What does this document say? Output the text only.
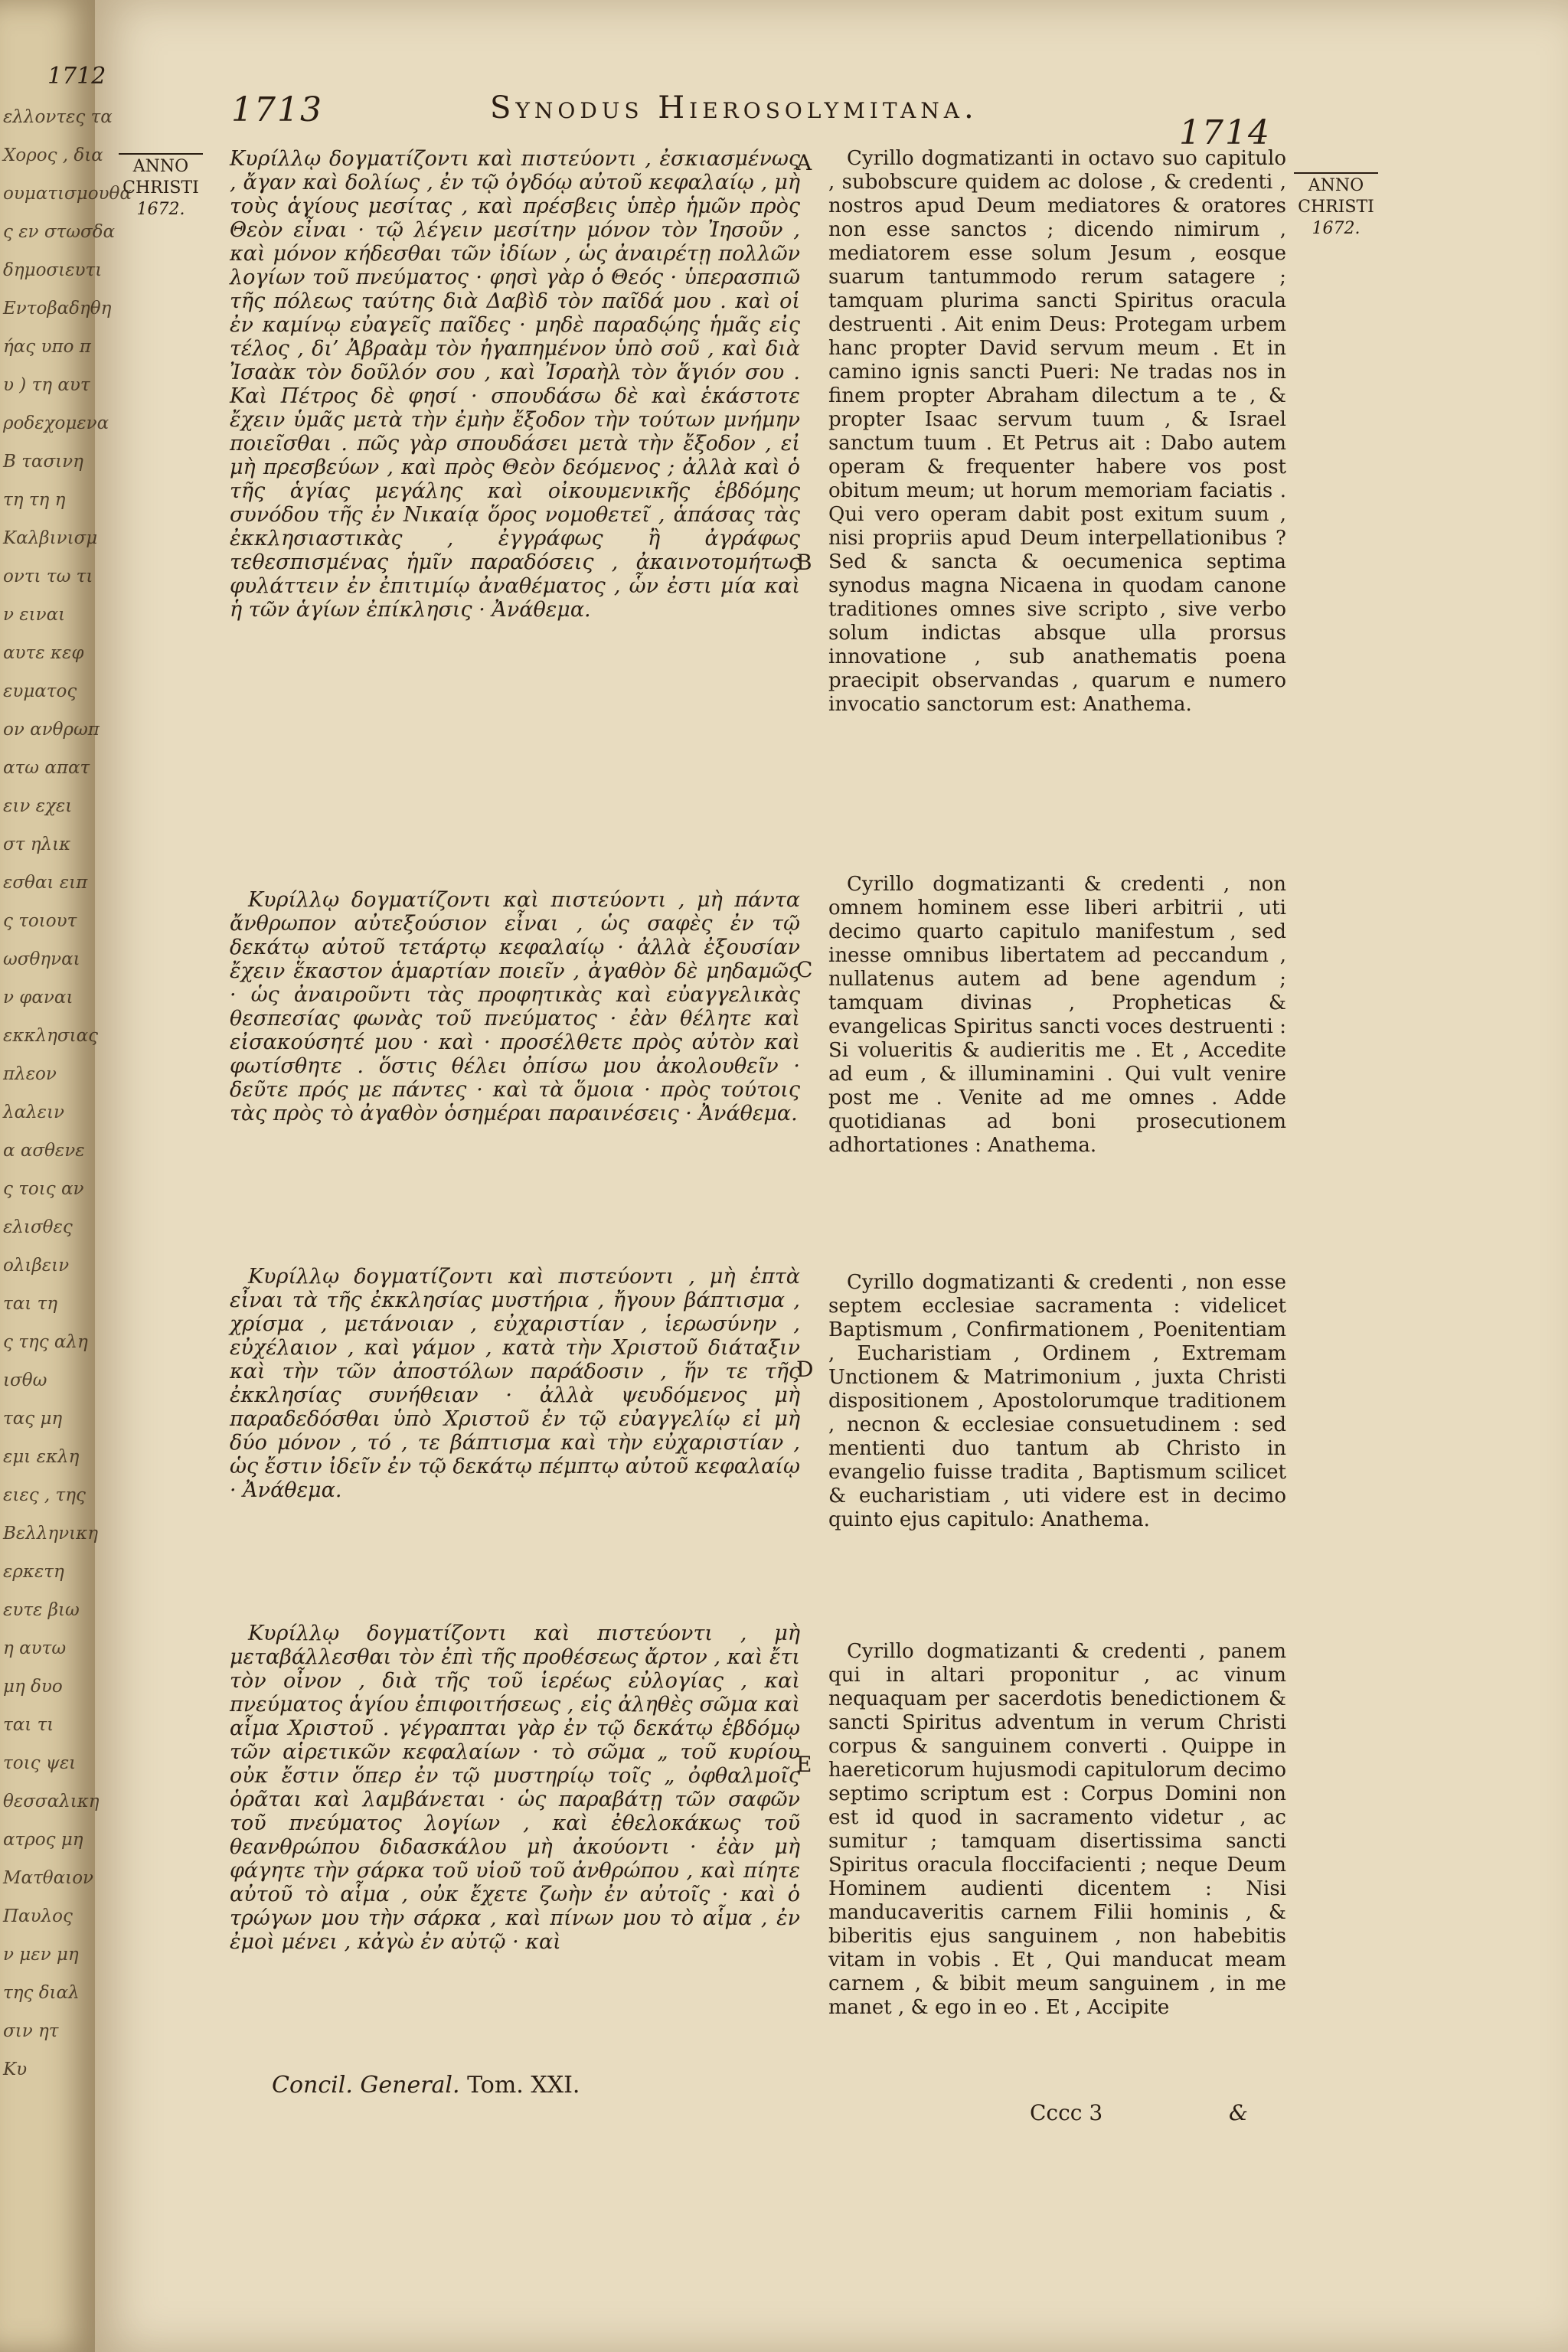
1712
ελλοντες τα
Χορος , δια
ουματισμουθα
ς εν στωσδα
δημοσιευτι
Εντοβαδηθη
ήας υπο π
υ ) τη αυτ
ροδεχομενα
Β τασινη
τη τη η
Καλβινισμ
οντι τω τι
ν ειναι
αυτε κεφ
ευματος
ον ανθρωπ
ατω απατ
ειν εχει
στ ηλικ
εσθαι ειπ
ς τοιουτ
ωσθηναι
ν φαναι
εκκλησιας
πλεον
λαλειν
α ασθενε
ς τοις αν
ελισθες
ολιβειν
ται τη
ς της αλη
ισθω
τας μη
εμι εκλη
ειες , της
Βελληνικη
ερκετη
ευτε βιω
η αυτω
μη δυο
ται τι
τοις ψει
θεσσαλικη
ατρος μη
Ματθαιον
Παυλος
ν μεν μη
της διαλ
σιν ητ
Κυ
1713	Synodus Hierosolymitana.
1714
ANNO
CHRISTI
1672.
ANNO
CHRISTI
1672.
A
B
C
D
E

Κυρίλλῳ δογματίζοντι καὶ πιστεύοντι , ἐσκιασμένως , ἄγαν καὶ δολίως , ἐν τῷ ὀγδόῳ αὐτοῦ κεφαλαίῳ , μὴ τοὺς ἁγίους μεσίτας , καὶ πρέσβεις ὑπὲρ ἡμῶν πρὸς Θεὸν εἶναι · τῷ λέγειν μεσίτην μόνον τὸν Ἰησοῦν , καὶ μόνον κήδεσθαι τῶν ἰδίων , ὡς ἀναιρέτῃ πολλῶν λογίων τοῦ πνεύματος · φησὶ γὰρ ὁ Θεός · ὑπερασπιῶ τῆς πόλεως ταύτης διὰ Δαβὶδ τὸν παῖδά μου . καὶ οἱ ἐν καμίνῳ εὐαγεῖς παῖδες · μηδὲ παραδῴης ἡμᾶς εἰς τέλος , δι’ Ἀβραὰμ τὸν ἠγαπημένον ὑπὸ σοῦ , καὶ διὰ Ἰσαὰκ τὸν δοῦλόν σου , καὶ Ἰσραὴλ τὸν ἅγιόν σου . Καὶ Πέτρος δὲ φησί · σπουδάσω δὲ καὶ ἑκάστοτε ἔχειν ὑμᾶς μετὰ τὴν ἐμὴν ἔξοδον τὴν τούτων μνήμην ποιεῖσθαι . πῶς γὰρ σπουδάσει μετὰ τὴν ἔξοδον , εἰ μὴ πρεσβεύων , καὶ πρὸς Θεὸν δεόμενος ; ἀλλὰ καὶ ὁ τῆς ἁγίας μεγάλης καὶ οἰκουμενικῆς ἑβδόμης συνόδου τῆς ἐν Νικαίᾳ ὅρος νομοθετεῖ , ἁπάσας τὰς ἐκκλησιαστικὰς , ἐγγράφως ἢ ἀγράφως τεθεσπισμένας ἡμῖν παραδόσεις , ἀκαινοτομήτως φυλάττειν ἐν ἐπιτιμίῳ ἀναθέματος , ὧν ἐστι μία καὶ ἡ τῶν ἁγίων ἐπίκλησις · Ἀνάθεμα.

Κυρίλλῳ δογματίζοντι καὶ πιστεύοντι , μὴ πάντα ἄνθρωπον αὐτεξούσιον εἶναι , ὡς σαφὲς ἐν τῷ δεκάτῳ αὐτοῦ τετάρτῳ κεφαλαίῳ · ἀλλὰ ἐξουσίαν ἔχειν ἕκαστον ἁμαρτίαν ποιεῖν , ἀγαθὸν δὲ μηδαμῶς · ὡς ἀναιροῦντι τὰς προφητικὰς καὶ εὐαγγελικὰς θεσπεσίας φωνὰς τοῦ πνεύματος · ἐὰν θέλητε καὶ εἰσακούσητέ μου · καὶ · προσέλθετε πρὸς αὐτὸν καὶ φωτίσθητε . ὅστις θέλει ὀπίσω μου ἀκολουθεῖν · δεῦτε πρός με πάντες · καὶ τὰ ὅμοια · πρὸς τούτοις τὰς πρὸς τὸ ἀγαθὸν ὁσημέραι παραινέσεις · Ἀνάθεμα.

Κυρίλλῳ δογματίζοντι καὶ πιστεύοντι , μὴ ἑπτὰ εἶναι τὰ τῆς ἐκκλησίας μυστήρια , ἤγουν βάπτισμα , χρίσμα , μετάνοιαν , εὐχαριστίαν , ἱερωσύνην , εὐχέλαιον , καὶ γάμον , κατὰ τὴν Χριστοῦ διάταξιν καὶ τὴν τῶν ἀποστόλων παράδοσιν , ἥν τε τῆς ἐκκλησίας συνήθειαν · ἀλλὰ ψευδόμενος μὴ παραδεδόσθαι ὑπὸ Χριστοῦ ἐν τῷ εὐαγγελίῳ εἰ μὴ δύο μόνον , τό , τε βάπτισμα καὶ τὴν εὐχαριστίαν , ὡς ἔστιν ἰδεῖν ἐν τῷ δεκάτῳ πέμπτῳ αὐτοῦ κεφαλαίῳ · Ἀνάθεμα.

Κυρίλλῳ δογματίζοντι καὶ πιστεύοντι , μὴ μεταβάλλεσθαι τὸν ἐπὶ τῆς προθέσεως ἄρτον , καὶ ἔτι τὸν οἶνον , διὰ τῆς τοῦ ἱερέως εὐλογίας , καὶ πνεύματος ἁγίου ἐπιφοιτήσεως , εἰς ἀληθὲς σῶμα καὶ αἷμα Χριστοῦ . γέγραπται γὰρ ἐν τῷ δεκάτῳ ἑβδόμῳ τῶν αἱρετικῶν κεφαλαίων · τὸ σῶμα „ τοῦ κυρίου οὐκ ἔστιν ὅπερ ἐν τῷ μυστηρίῳ τοῖς „ ὀφθαλμοῖς ὁρᾶται καὶ λαμβάνεται · ὡς παραβάτῃ τῶν σαφῶν τοῦ πνεύματος λογίων , καὶ ἐθελοκάκως τοῦ θεανθρώπου διδασκάλου μὴ ἀκούοντι · ἐὰν μὴ φάγητε τὴν σάρκα τοῦ υἱοῦ τοῦ ἀνθρώπου , καὶ πίητε αὐτοῦ τὸ αἷμα , οὐκ ἔχετε ζωὴν ἐν αὐτοῖς · καὶ ὁ τρώγων μου τὴν σάρκα , καὶ πίνων μου τὸ αἷμα , ἐν ἐμοὶ μένει , κἀγὼ ἐν αὐτῷ · καὶ

Cyrillo dogmatizanti in octavo suo capitulo , subobscure quidem ac dolose , & credenti , nostros apud Deum mediatores & oratores non esse sanctos ; dicendo nimirum , mediatorem esse solum Jesum , eosque suarum tantummodo rerum satagere ; tamquam plurima sancti Spiritus oracula destruenti . Ait enim Deus: Protegam urbem hanc propter David servum meum . Et in camino ignis sancti Pueri: Ne tradas nos in finem propter Abraham dilectum a te , & propter Isaac servum tuum , & Israel sanctum tuum . Et Petrus ait : Dabo autem operam & frequenter habere vos post obitum meum; ut horum memoriam faciatis . Qui vero operam dabit post exitum suum , nisi propriis apud Deum interpellationibus ? Sed & sancta & oecumenica septima synodus magna Nicaena in quodam canone traditiones omnes sive scripto , sive verbo solum indictas absque ulla prorsus innovatione , sub anathematis poena praecipit observandas , quarum e numero invocatio sanctorum est: Anathema.

Cyrillo dogmatizanti & credenti , non omnem hominem esse liberi arbitrii , uti decimo quarto capitulo manifestum , sed inesse omnibus libertatem ad peccandum , nullatenus autem ad bene agendum ; tamquam divinas , Propheticas & evangelicas Spiritus sancti voces destruenti : Si volueritis & audieritis me . Et , Accedite ad eum , & illuminamini . Qui vult venire post me . Venite ad me omnes . Adde quotidianas ad boni prosecutionem adhortationes : Anathema.

Cyrillo dogmatizanti & credenti , non esse septem ecclesiae sacramenta : videlicet Baptismum , Confirmationem , Poenitentiam , Eucharistiam , Ordinem , Extremam Unctionem & Matrimonium , juxta Christi dispositionem , Apostolorumque traditionem , necnon & ecclesiae consuetudinem : sed mentienti duo tantum ab Christo in evangelio fuisse tradita , Baptismum scilicet & eucharistiam , uti videre est in decimo quinto ejus capitulo: Anathema.

Cyrillo dogmatizanti & credenti , panem qui in altari proponitur , ac vinum nequaquam per sacerdotis benedictionem & sancti Spiritus adventum in verum Christi corpus & sanguinem converti . Quippe in haereticorum hujusmodi capitulorum decimo septimo scriptum est : Corpus Domini non est id quod in sacramento videtur , ac sumitur ; tamquam disertissima sancti Spiritus oracula floccifacienti ; neque Deum Hominem audienti dicentem : Nisi manducaveritis carnem Filii hominis , & biberitis ejus sanguinem , non habebitis vitam in vobis . Et , Qui manducat meam carnem , & bibit meum sanguinem , in me manet , & ego in eo . Et , Accipite

Concil. General. Tom. XXI.
Cccc 3	&
